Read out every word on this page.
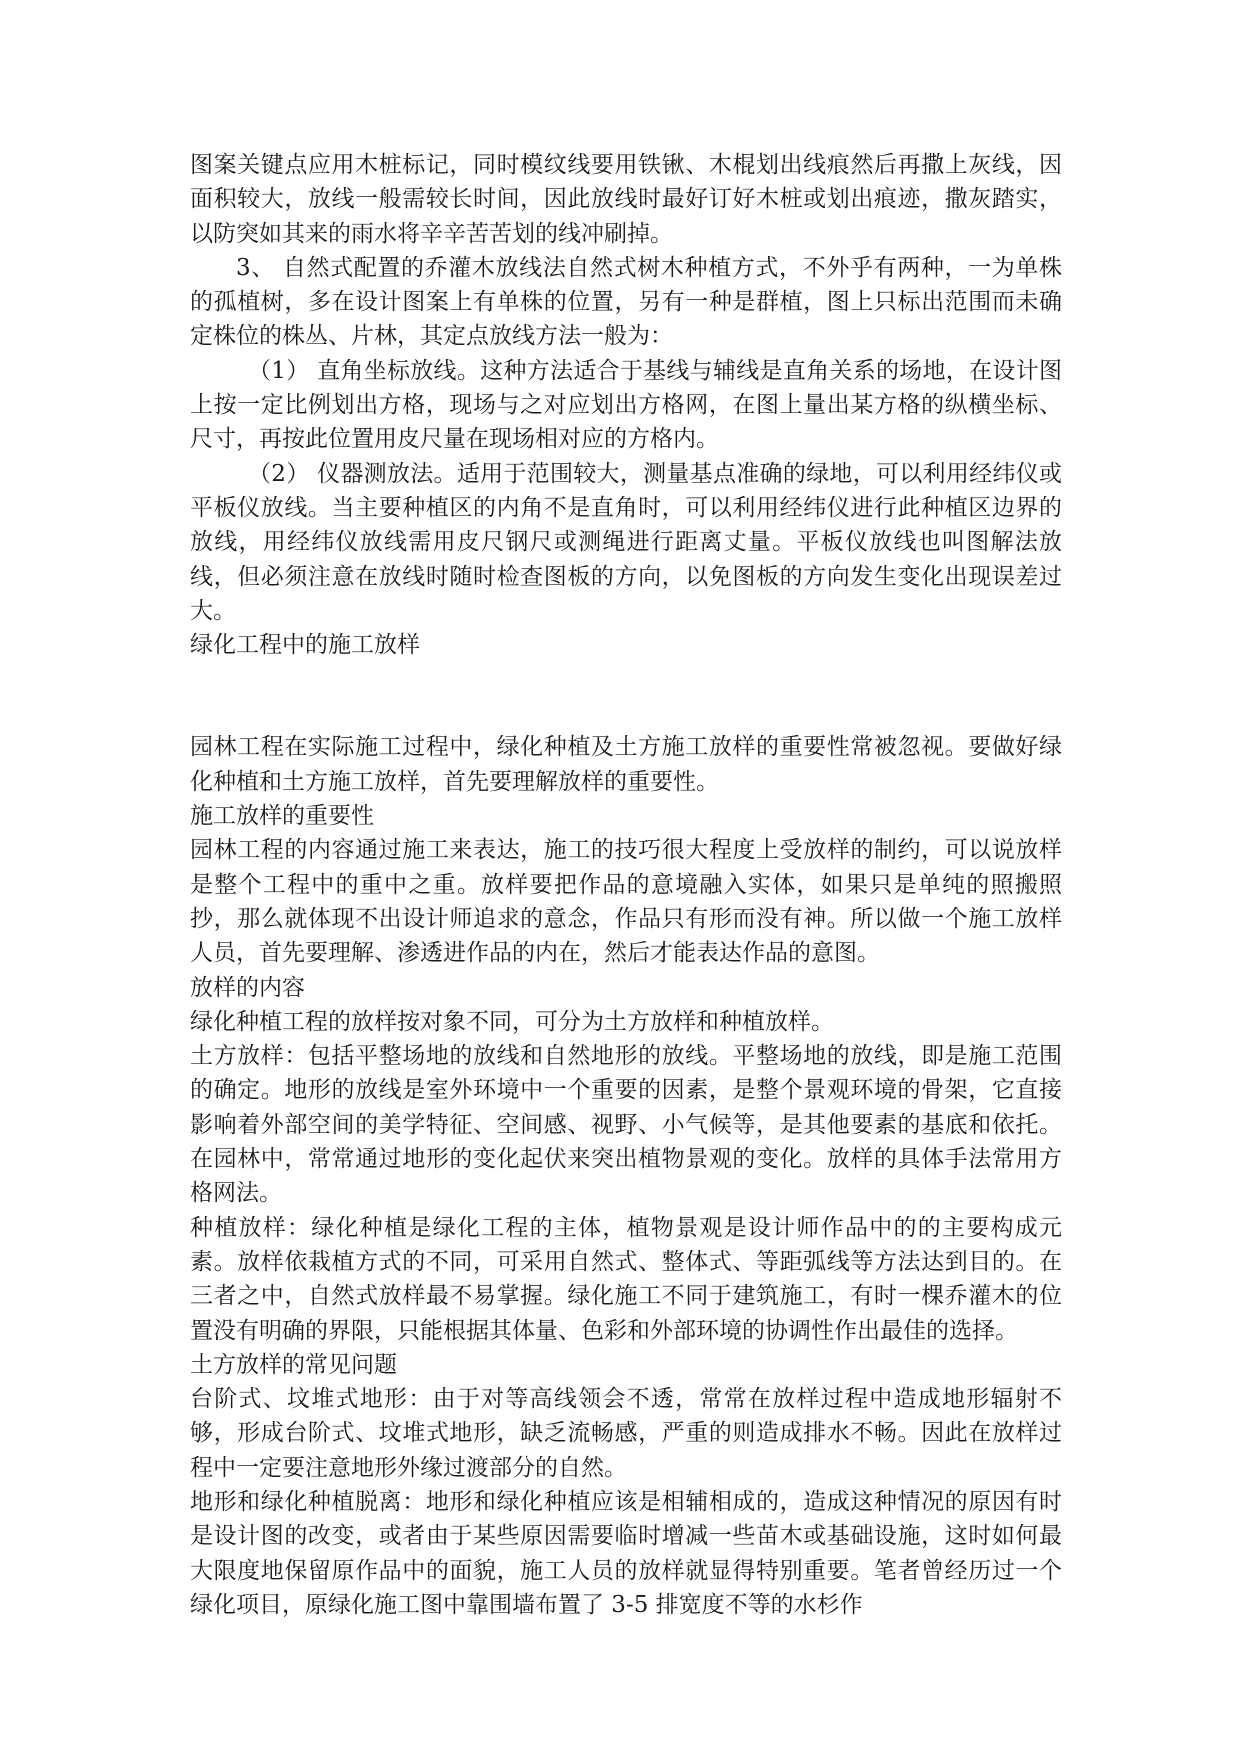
图案关键点应用木桩标记，同时模纹线要用铁锹、木棍划出线痕然后再撒上灰线，因面积较大，放线一般需较长时间，因此放线时最好订好木桩或划出痕迹，撒灰踏实，以防突如其来的雨水将辛辛苦苦划的线冲刷掉。

3、 自然式配置的乔灌木放线法自然式树木种植方式，不外乎有两种，一为单株的孤植树，多在设计图案上有单株的位置，另有一种是群植，图上只标出范围而未确定株位的株丛、片林，其定点放线方法一般为：

（1） 直角坐标放线。这种方法适合于基线与辅线是直角关系的场地，在设计图上按一定比例划出方格，现场与之对应划出方格网，在图上量出某方格的纵横坐标、尺寸，再按此位置用皮尺量在现场相对应的方格内。

（2） 仪器测放法。适用于范围较大，测量基点准确的绿地，可以利用经纬仪或平板仪放线。当主要种植区的内角不是直角时，可以利用经纬仪进行此种植区边界的放线，用经纬仪放线需用皮尺钢尺或测绳进行距离丈量。平板仪放线也叫图解法放线，但必须注意在放线时随时检查图板的方向，以免图板的方向发生变化出现误差过大。

绿化工程中的施工放样

园林工程在实际施工过程中，绿化种植及土方施工放样的重要性常被忽视。要做好绿化种植和土方施工放样，首先要理解放样的重要性。

施工放样的重要性

园林工程的内容通过施工来表达，施工的技巧很大程度上受放样的制约，可以说放样是整个工程中的重中之重。放样要把作品的意境融入实体，如果只是单纯的照搬照抄，那么就体现不出设计师追求的意念，作品只有形而没有神。所以做一个施工放样人员，首先要理解、渗透进作品的内在，然后才能表达作品的意图。

放样的内容

绿化种植工程的放样按对象不同，可分为土方放样和种植放样。

土方放样：包括平整场地的放线和自然地形的放线。平整场地的放线，即是施工范围的确定。地形的放线是室外环境中一个重要的因素，是整个景观环境的骨架，它直接影响着外部空间的美学特征、空间感、视野、小气候等，是其他要素的基底和依托。在园林中，常常通过地形的变化起伏来突出植物景观的变化。放样的具体手法常用方格网法。

种植放样：绿化种植是绿化工程的主体，植物景观是设计师作品中的的主要构成元素。放样依栽植方式的不同，可采用自然式、整体式、等距弧线等方法达到目的。在三者之中，自然式放样最不易掌握。绿化施工不同于建筑施工，有时一棵乔灌木的位置没有明确的界限，只能根据其体量、色彩和外部环境的协调性作出最佳的选择。

土方放样的常见问题

台阶式、坟堆式地形：由于对等高线领会不透，常常在放样过程中造成地形辐射不够，形成台阶式、坟堆式地形，缺乏流畅感，严重的则造成排水不畅。因此在放样过程中一定要注意地形外缘过渡部分的自然。

地形和绿化种植脱离：地形和绿化种植应该是相辅相成的，造成这种情况的原因有时是设计图的改变，或者由于某些原因需要临时增减一些苗木或基础设施，这时如何最大限度地保留原作品中的面貌，施工人员的放样就显得特别重要。笔者曾经历过一个绿化项目，原绿化施工图中靠围墙布置了 3-5 排宽度不等的水杉作
